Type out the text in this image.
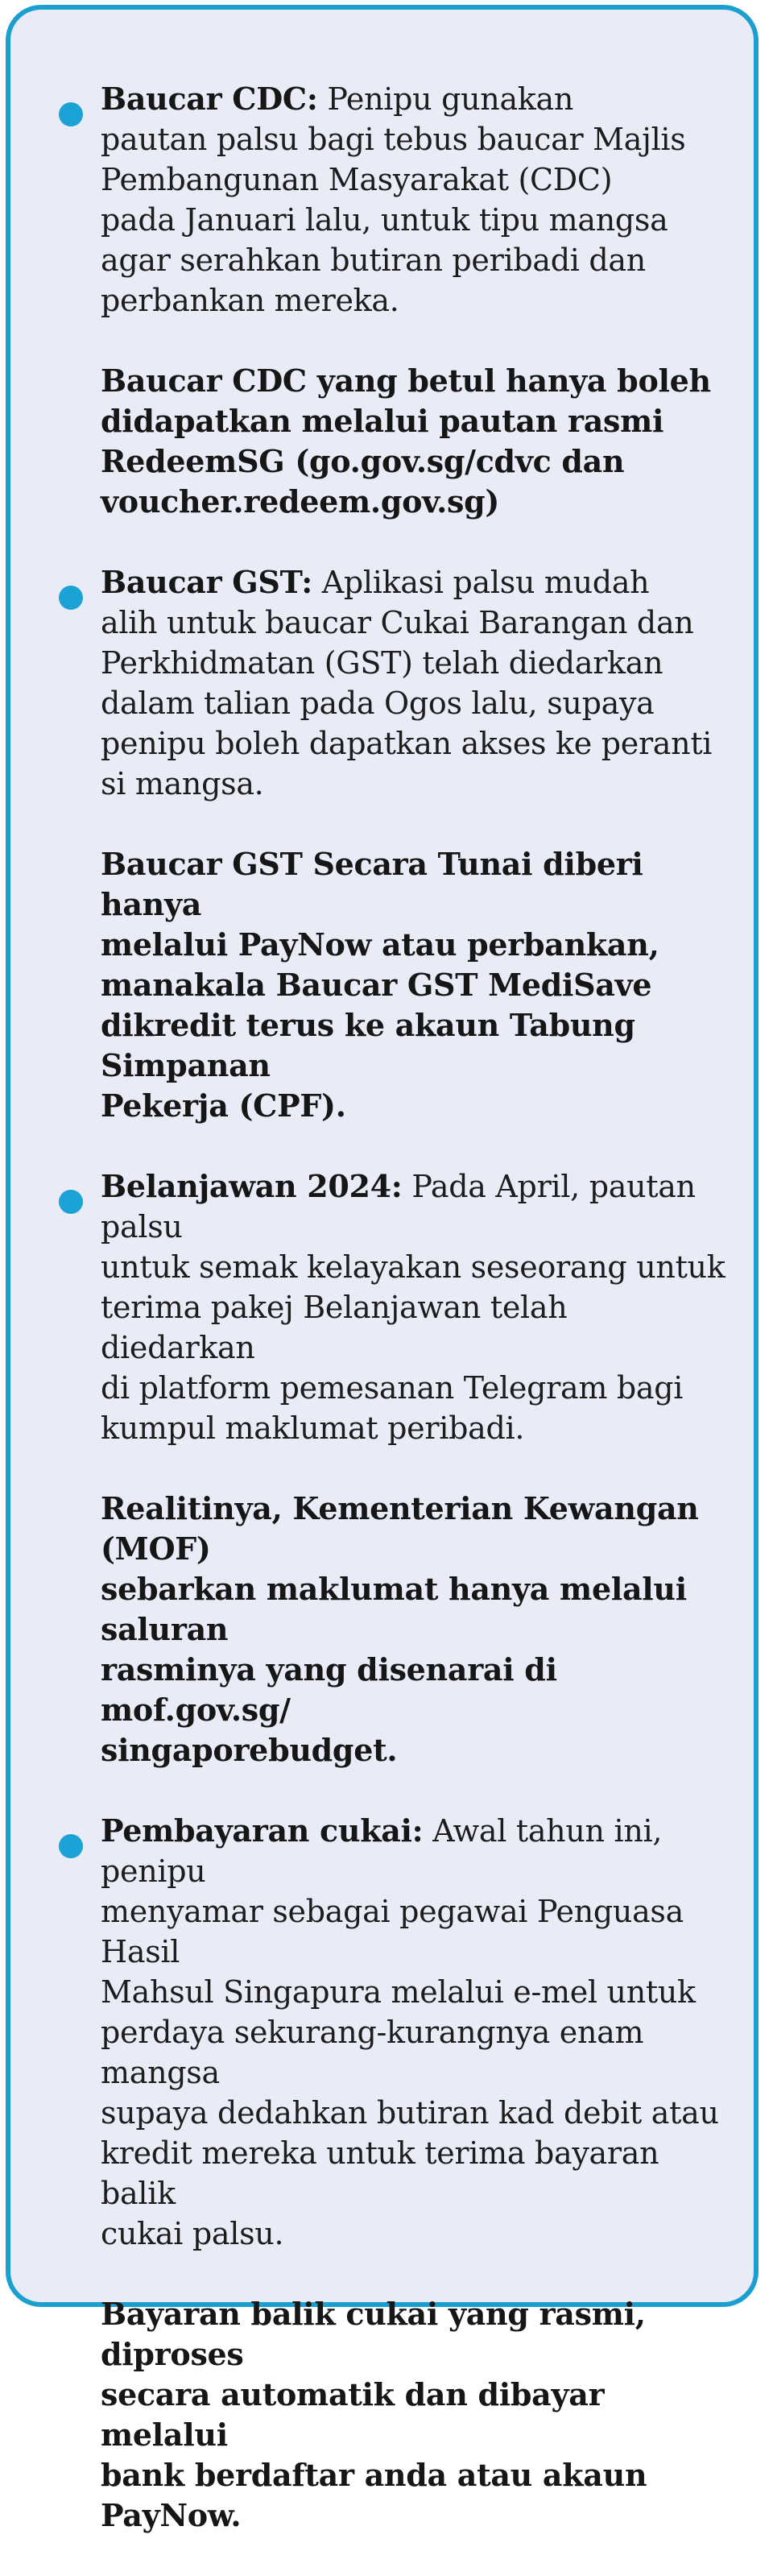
Baucar CDC: Penipu gunakan
pautan palsu bagi tebus baucar Majlis
Pembangunan Masyarakat (CDC)
pada Januari lalu, untuk tipu mangsa
agar serahkan butiran peribadi dan
perbankan mereka.

Baucar CDC yang betul hanya boleh
didapatkan melalui pautan rasmi
RedeemSG (go.gov.sg/cdvc dan
voucher.redeem.gov.sg)

Baucar GST: Aplikasi palsu mudah
alih untuk baucar Cukai Barangan dan
Perkhidmatan (GST) telah diedarkan
dalam talian pada Ogos lalu, supaya
penipu boleh dapatkan akses ke peranti
si mangsa.

Baucar GST Secara Tunai diberi hanya
melalui PayNow atau perbankan,
manakala Baucar GST MediSave
dikredit terus ke akaun Tabung Simpanan
Pekerja (CPF).

Belanjawan 2024: Pada April, pautan palsu
untuk semak kelayakan seseorang untuk
terima pakej Belanjawan telah diedarkan
di platform pemesanan Telegram bagi
kumpul maklumat peribadi.

Realitinya, Kementerian Kewangan (MOF)
sebarkan maklumat hanya melalui saluran
rasminya yang disenarai di mof.gov.sg/
singaporebudget.

Pembayaran cukai: Awal tahun ini, penipu
menyamar sebagai pegawai Penguasa Hasil
Mahsul Singapura melalui e-mel untuk
perdaya sekurang-kurangnya enam mangsa
supaya dedahkan butiran kad debit atau
kredit mereka untuk terima bayaran balik
cukai palsu.

Bayaran balik cukai yang rasmi, diproses
secara automatik dan dibayar melalui
bank berdaftar anda atau akaun PayNow.
